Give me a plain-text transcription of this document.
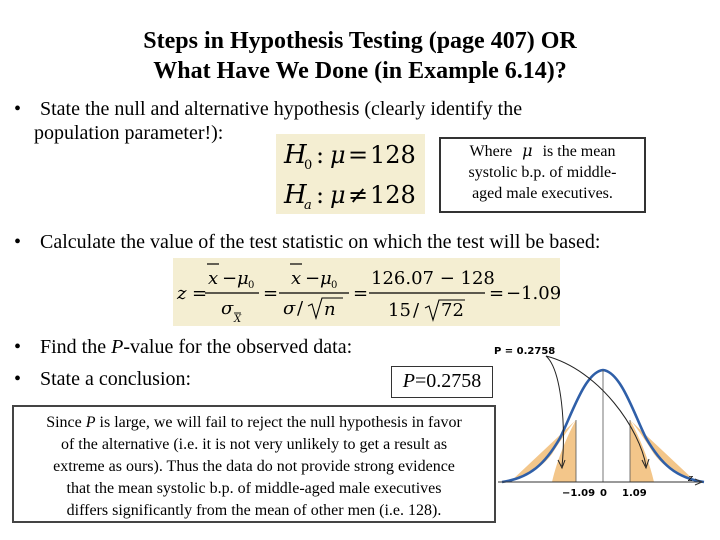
Steps in Hypothesis Testing (page 407) OR
What Have We Done (in Example 6.14)?
• State the null and alternative hypothesis (clearly identify the
population parameter!):
H
0 : μ = 128
H
a : μ ≠ 128
Where μ is the mean
systolic b.p. of middle-
aged male executives.
• Calculate the value of the test statistic on which the test will be based:
z =
x − μ 0
σ
X
=
x − μ 0
σ / n
=
126.07 − 128
15 / 72
= −1.09
• Find the P-value for the observed data:
• State a conclusion:	P=0.2758
z
P = 0.2758
−1.09 0 1.09
Since P is large, we will fail to reject the null hypothesis in favor
of the alternative (i.e. it is not very unlikely to get a result as
extreme as ours). Thus the data do not provide strong evidence
that the mean systolic b.p. of middle-aged male executives
differs significantly from the mean of other men (i.e. 128).
